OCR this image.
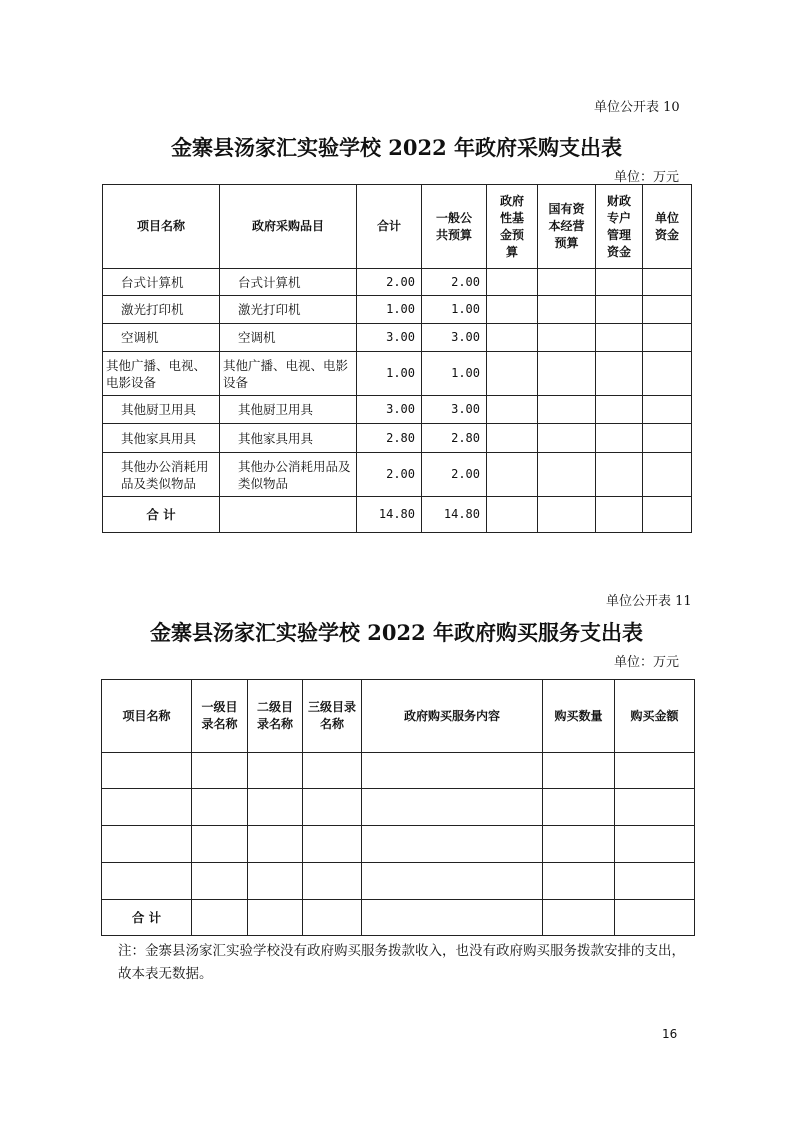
单位公开表 10
金寨县汤家汇实验学校 2022 年政府采购支出表
单位：万元
项目名称	政府采购品目	合计	一般公共预算	政府性基金预算	国有资本经营预算	财政专户管理资金	单位资金
台式计算机	台式计算机	2.00	2.00				
激光打印机	激光打印机	1.00	1.00				
空调机	空调机	3.00	3.00				
其他广播、电视、电影设备	其他广播、电视、电影设备	1.00	1.00				
其他厨卫用具	其他厨卫用具	3.00	3.00				
其他家具用具	其他家具用具	2.80	2.80				
其他办公消耗用品及类似物品	其他办公消耗用品及类似物品	2.00	2.00				
合 计		14.80	14.80				
单位公开表 11
金寨县汤家汇实验学校 2022 年政府购买服务支出表
单位：万元
项目名称	一级目录名称	二级目录名称	三级目录名称	政府购买服务内容	购买数量	购买金额

合 计						
注：金寨县汤家汇实验学校没有政府购买服务拨款收入，也没有政府购买服务拨款安排的支出，故本表无数据。
16
